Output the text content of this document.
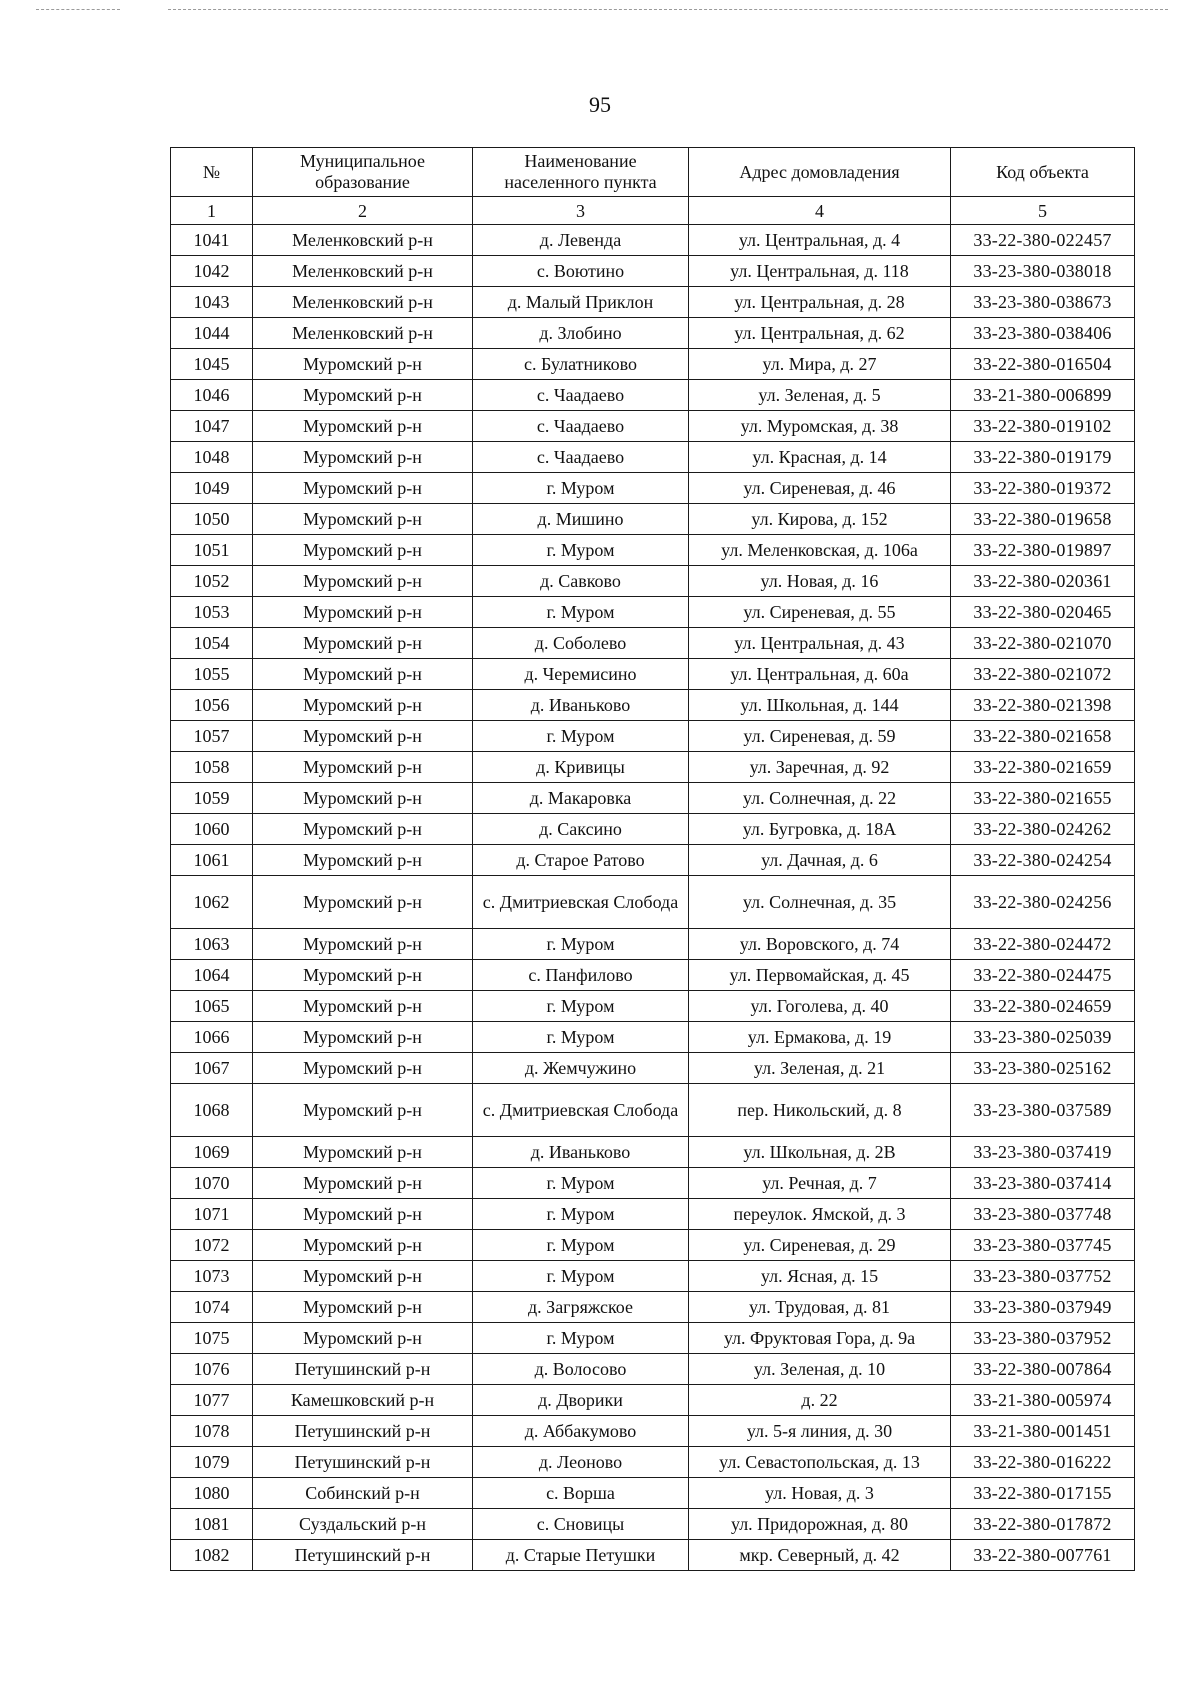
95
№	Муниципальное образование	Наименование населенного пункта	Адрес домовладения	Код объекта
1	2	3	4	5
1041	Меленковский р-н	д. Левенда	ул. Центральная, д. 4	33-22-380-022457
1042	Меленковский р-н	с. Воютино	ул. Центральная, д. 118	33-23-380-038018
1043	Меленковский р-н	д. Малый Приклон	ул. Центральная, д. 28	33-23-380-038673
1044	Меленковский р-н	д. Злобино	ул. Центральная, д. 62	33-23-380-038406
1045	Муромский р-н	с. Булатниково	ул. Мира, д. 27	33-22-380-016504
1046	Муромский р-н	с. Чаадаево	ул. Зеленая, д. 5	33-21-380-006899
1047	Муромский р-н	с. Чаадаево	ул. Муромская, д. 38	33-22-380-019102
1048	Муромский р-н	с. Чаадаево	ул. Красная, д. 14	33-22-380-019179
1049	Муромский р-н	г. Муром	ул. Сиреневая, д. 46	33-22-380-019372
1050	Муромский р-н	д. Мишино	ул. Кирова, д. 152	33-22-380-019658
1051	Муромский р-н	г. Муром	ул. Меленковская, д. 106а	33-22-380-019897
1052	Муромский р-н	д. Савково	ул. Новая, д. 16	33-22-380-020361
1053	Муромский р-н	г. Муром	ул. Сиреневая, д. 55	33-22-380-020465
1054	Муромский р-н	д. Соболево	ул. Центральная, д. 43	33-22-380-021070
1055	Муромский р-н	д. Черемисино	ул. Центральная, д. 60а	33-22-380-021072
1056	Муромский р-н	д. Иваньково	ул. Школьная, д. 144	33-22-380-021398
1057	Муромский р-н	г. Муром	ул. Сиреневая, д. 59	33-22-380-021658
1058	Муромский р-н	д. Кривицы	ул. Заречная, д. 92	33-22-380-021659
1059	Муромский р-н	д. Макаровка	ул. Солнечная, д. 22	33-22-380-021655
1060	Муромский р-н	д. Саксино	ул. Бугровка, д. 18А	33-22-380-024262
1061	Муромский р-н	д. Старое Ратово	ул. Дачная, д. 6	33-22-380-024254
1062	Муромский р-н	с. Дмитриевская Слобода	ул. Солнечная, д. 35	33-22-380-024256
1063	Муромский р-н	г. Муром	ул. Воровского, д. 74	33-22-380-024472
1064	Муромский р-н	с. Панфилово	ул. Первомайская, д. 45	33-22-380-024475
1065	Муромский р-н	г. Муром	ул. Гоголева, д. 40	33-22-380-024659
1066	Муромский р-н	г. Муром	ул. Ермакова, д. 19	33-23-380-025039
1067	Муромский р-н	д. Жемчужино	ул. Зеленая, д. 21	33-23-380-025162
1068	Муромский р-н	с. Дмитриевская Слобода	пер. Никольский, д. 8	33-23-380-037589
1069	Муромский р-н	д. Иваньково	ул. Школьная, д. 2В	33-23-380-037419
1070	Муромский р-н	г. Муром	ул. Речная, д. 7	33-23-380-037414
1071	Муромский р-н	г. Муром	переулок. Ямской, д. 3	33-23-380-037748
1072	Муромский р-н	г. Муром	ул. Сиреневая, д. 29	33-23-380-037745
1073	Муромский р-н	г. Муром	ул. Ясная, д. 15	33-23-380-037752
1074	Муромский р-н	д. Загряжское	ул. Трудовая, д. 81	33-23-380-037949
1075	Муромский р-н	г. Муром	ул. Фруктовая Гора, д. 9а	33-23-380-037952
1076	Петушинский р-н	д. Волосово	ул. Зеленая, д. 10	33-22-380-007864
1077	Камешковский р-н	д. Дворики	д. 22	33-21-380-005974
1078	Петушинский р-н	д. Аббакумово	ул. 5-я линия, д. 30	33-21-380-001451
1079	Петушинский р-н	д. Леоново	ул. Севастопольская, д. 13	33-22-380-016222
1080	Собинский р-н	с. Ворша	ул. Новая, д. 3	33-22-380-017155
1081	Суздальский р-н	с. Сновицы	ул. Придорожная, д. 80	33-22-380-017872
1082	Петушинский р-н	д. Старые Петушки	мкр. Северный, д. 42	33-22-380-007761
